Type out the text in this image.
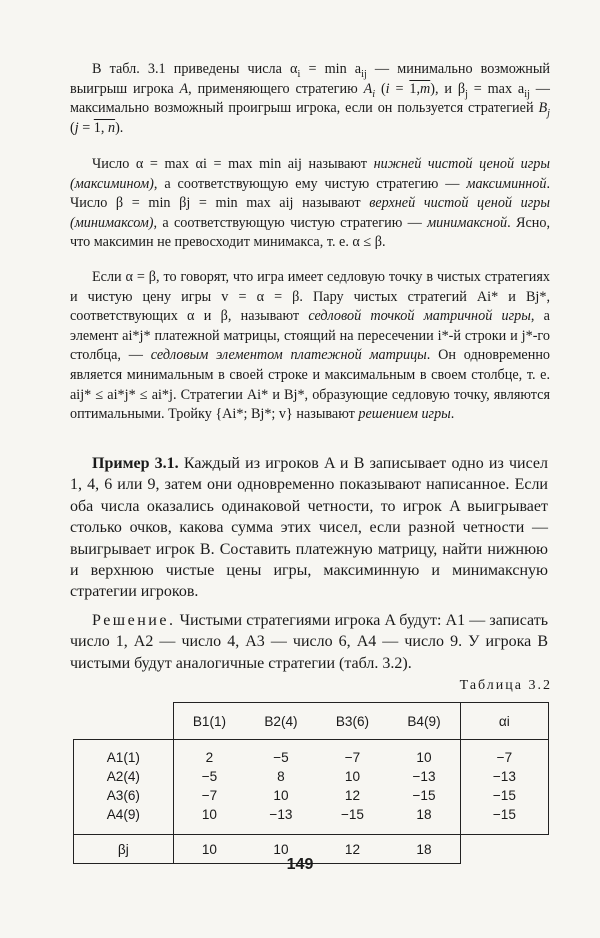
В табл. 3.1 приведены числа $\alpha_i = \min a_{ij}$ — минимально возможный выигрыш игрока A, применяющего стратегию $A_i$ (i = 1,m), и $\beta_j = \max a_{ij}$ — максимально возможный проигрыш игрока, если он пользуется стратегией $B_j$ (j = 1, n).

Число α = max αi = max min aij называют нижней чистой ценой игры (максимином), а соответствующую ему чистую стратегию — максиминной. Число β = min βj = min max aij называют верхней чистой ценой игры (минимаксом), а соответствующую чистую стратегию — минимаксной. Ясно, что максимин не превосходит минимакса, т. е. α ≤ β.

Если α = β, то говорят, что игра имеет седловую точку в чистых стратегиях и чистую цену игры v = α = β. Пару чистых стратегий Ai* и Bj*, соответствующих α и β, называют седловой точкой матричной игры, а элемент ai*j* платежной матрицы, стоящий на пересечении i*-й строки и j*-го столбца, — седловым элементом платежной матрицы. Он одновременно является минимальным в своей строке и максимальным в своем столбце, т. е. aij* ≤ ai*j* ≤ ai*j. Стратегии Ai* и Bj*, образующие седловую точку, являются оптимальными. Тройку {Ai*; Bj*; v} называют решением игры.

Пример 3.1. Каждый из игроков A и B записывает одно из чисел 1, 4, 6 или 9, затем они одновременно показывают написанное. Если оба числа оказались одинаковой четности, то игрок A выигрывает столько очков, какова сумма этих чисел, если разной четности — выигрывает игрок B. Составить платежную матрицу, найти нижнюю и верхнюю чистые цены игры, максиминную и минимаксную стратегии игроков.

Решение. Чистыми стратегиями игрока A будут: A1 — записать число 1, A2 — число 4, A3 — число 6, A4 — число 9. У игрока B чистыми будут аналогичные стратегии (табл. 3.2).

Таблица 3.2
	B1(1)	B2(4)	B3(6)	B4(9)	αi
A1(1)	2	−5	−7	10	−7
A2(4)	−5	8	10	−13	−13
A3(6)	−7	10	12	−15	−15
A4(9)	10	−13	−15	18	−15
βj	10	10	12	18	
149
